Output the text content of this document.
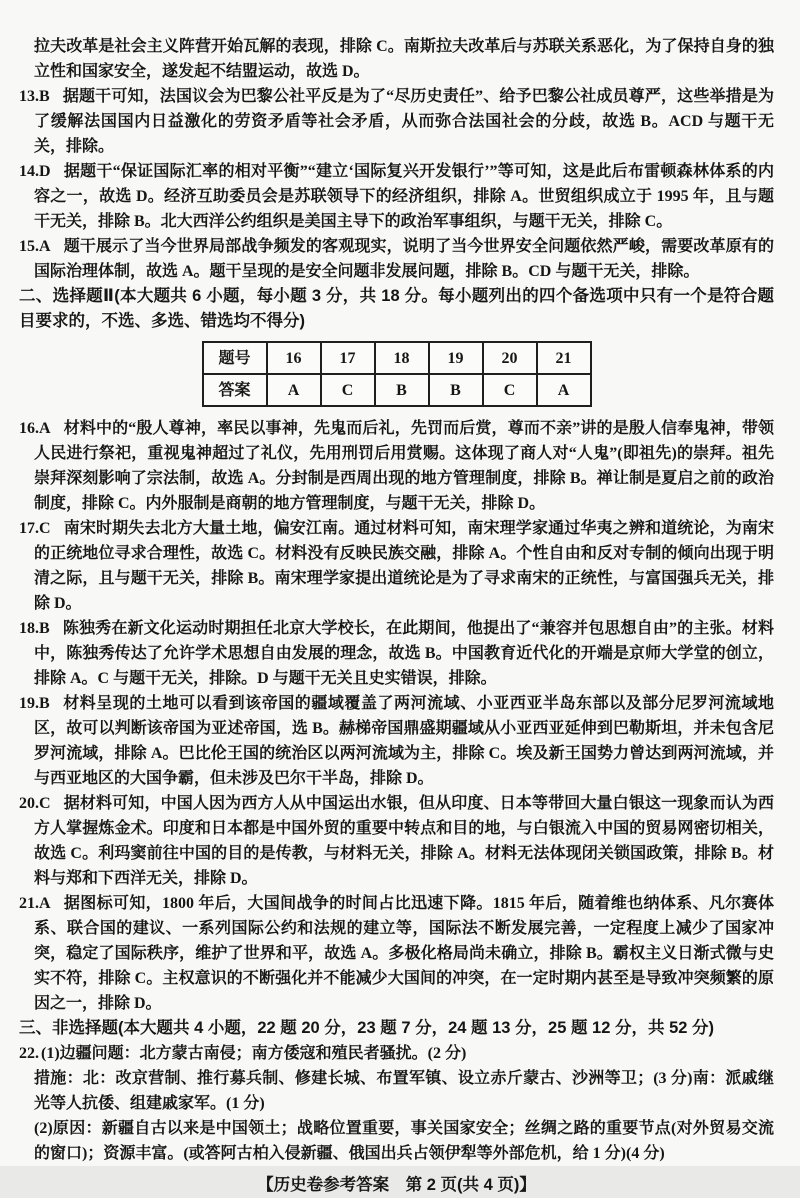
拉夫改革是社会主义阵营开始瓦解的表现，排除 C。南斯拉夫改革后与苏联关系恶化，为了保持自身的独立性和国家安全，遂发起不结盟运动，故选 D。

13.B 据题干可知，法国议会为巴黎公社平反是为了“尽历史责任”、给予巴黎公社成员尊严，这些举措是为了缓解法国国内日益激化的劳资矛盾等社会矛盾，从而弥合法国社会的分歧，故选 B。ACD 与题干无关，排除。

14.D 据题干“保证国际汇率的相对平衡”“建立‘国际复兴开发银行’”等可知，这是此后布雷顿森林体系的内容之一，故选 D。经济互助委员会是苏联领导下的经济组织，排除 A。世贸组织成立于 1995 年，且与题干无关，排除 B。北大西洋公约组织是美国主导下的政治军事组织，与题干无关，排除 C。

15.A 题干展示了当今世界局部战争频发的客观现实，说明了当今世界安全问题依然严峻，需要改革原有的国际治理体制，故选 A。题干呈现的是安全问题非发展问题，排除 B。CD 与题干无关，排除。

二、选择题Ⅱ(本大题共 6 小题，每小题 3 分，共 18 分。每小题列出的四个备选项中只有一个是符合题目要求的，不选、多选、错选均不得分)

题号	16	17	18	19	20	21
答案	A	C	B	B	C	A

16.A 材料中的“殷人尊神，率民以事神，先鬼而后礼，先罚而后赏，尊而不亲”讲的是殷人信奉鬼神，带领人民进行祭祀，重视鬼神超过了礼仪，先用刑罚后用赏赐。这体现了商人对“人鬼”(即祖先)的崇拜。祖先崇拜深刻影响了宗法制，故选 A。分封制是西周出现的地方管理制度，排除 B。禅让制是夏启之前的政治制度，排除 C。内外服制是商朝的地方管理制度，与题干无关，排除 D。

17.C 南宋时期失去北方大量土地，偏安江南。通过材料可知，南宋理学家通过华夷之辨和道统论，为南宋的正统地位寻求合理性，故选 C。材料没有反映民族交融，排除 A。个性自由和反对专制的倾向出现于明清之际，且与题干无关，排除 B。南宋理学家提出道统论是为了寻求南宋的正统性，与富国强兵无关，排除 D。

18.B 陈独秀在新文化运动时期担任北京大学校长，在此期间，他提出了“兼容并包思想自由”的主张。材料中，陈独秀传达了允许学术思想自由发展的理念，故选 B。中国教育近代化的开端是京师大学堂的创立，排除 A。C 与题干无关，排除。D 与题干无关且史实错误，排除。

19.B 材料呈现的土地可以看到该帝国的疆域覆盖了两河流域、小亚西亚半岛东部以及部分尼罗河流域地区，故可以判断该帝国为亚述帝国，选 B。赫梯帝国鼎盛期疆域从小亚西亚延伸到巴勒斯坦，并未包含尼罗河流域，排除 A。巴比伦王国的统治区以两河流域为主，排除 C。埃及新王国势力曾达到两河流域，并与西亚地区的大国争霸，但未涉及巴尔干半岛，排除 D。

20.C 据材料可知，中国人因为西方人从中国运出水银，但从印度、日本等带回大量白银这一现象而认为西方人掌握炼金术。印度和日本都是中国外贸的重要中转点和目的地，与白银流入中国的贸易网密切相关，故选 C。利玛窦前往中国的目的是传教，与材料无关，排除 A。材料无法体现闭关锁国政策，排除 B。材料与郑和下西洋无关，排除 D。

21.A 据图标可知，1800 年后，大国间战争的时间占比迅速下降。1815 年后，随着维也纳体系、凡尔赛体系、联合国的建议、一系列国际公约和法规的建立等，国际法不断发展完善，一定程度上减少了国家冲突，稳定了国际秩序，维护了世界和平，故选 A。多极化格局尚未确立，排除 B。霸权主义日渐式微与史实不符，排除 C。主权意识的不断强化并不能减少大国间的冲突，在一定时期内甚至是导致冲突频繁的原因之一，排除 D。

三、非选择题(本大题共 4 小题，22 题 20 分，23 题 7 分，24 题 13 分，25 题 12 分，共 52 分)

22. (1)边疆问题：北方蒙古南侵；南方倭寇和殖民者骚扰。(2 分)

措施：北：改京营制、推行募兵制、修建长城、布置军镇、设立赤斤蒙古、沙洲等卫；(3 分)南：派戚继光等人抗倭、组建戚家军。(1 分)

(2)原因：新疆自古以来是中国领土；战略位置重要，事关国家安全；丝绸之路的重要节点(对外贸易交流的窗口)；资源丰富。(或答阿古柏入侵新疆、俄国出兵占领伊犁等外部危机，给 1 分)(4 分)

【历史卷参考答案　第 2 页(共 4 页)】
